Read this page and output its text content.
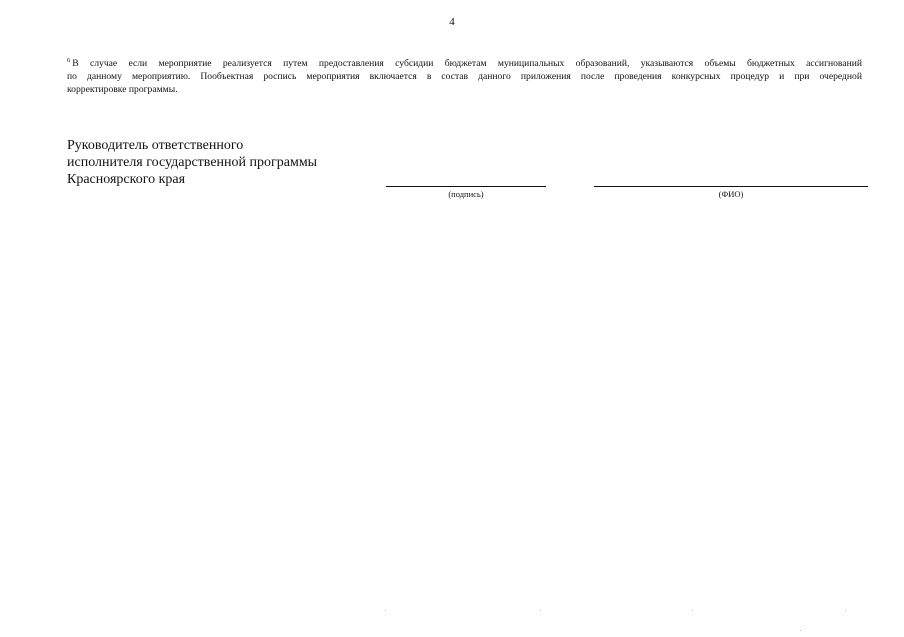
4
$^6$ В случае если мероприятие реализуется путем предоставления субсидии бюджетам муниципальных образований, указываются объемы бюджетных ассигнований
по данному мероприятию. Пообъектная роспись мероприятия включается в состав данного приложения после проведения конкурсных процедур и при очередной
корректировке программы.
Руководитель ответственного
исполнителя государственной программы
Красноярского края
(подпись)	(ФИО)
